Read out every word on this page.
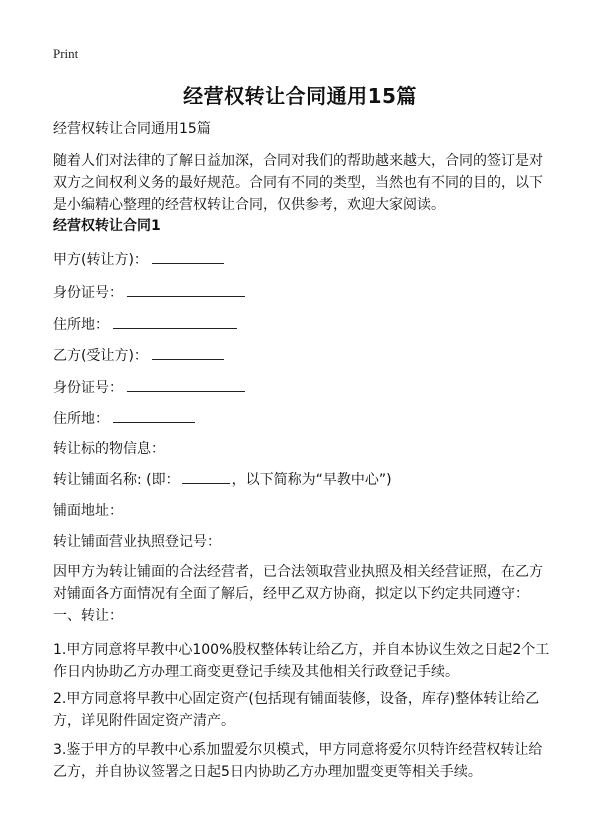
Print
经营权转让合同通用15篇
经营权转让合同通用15篇
随着人们对法律的了解日益加深，合同对我们的帮助越来越大，合同的签订是对双方之间权利义务的最好规范。合同有不同的类型，当然也有不同的目的，以下是小编精心整理的经营权转让合同，仅供参考，欢迎大家阅读。
经营权转让合同1
甲方(转让方)：
身份证号：
住所地：
乙方(受让方)：
身份证号：
住所地：
转让标的物信息：
转让铺面名称: (即：	，以下简称为“早教中心”)
铺面地址：
转让铺面营业执照登记号：
因甲方为转让铺面的合法经营者，已合法领取营业执照及相关经营证照，在乙方对铺面各方面情况有全面了解后，经甲乙双方协商，拟定以下约定共同遵守：
一、转让：
1.甲方同意将早教中心100%股权整体转让给乙方，并自本协议生效之日起2个工作日内协助乙方办理工商变更登记手续及其他相关行政登记手续。
2.甲方同意将早教中心固定资产(包括现有铺面装修，设备，库存)整体转让给乙方，详见附件固定资产清产。
3.鉴于甲方的早教中心系加盟爱尔贝模式，甲方同意将爱尔贝特许经营权转让给乙方，并自协议签署之日起5日内协助乙方办理加盟变更等相关手续。
